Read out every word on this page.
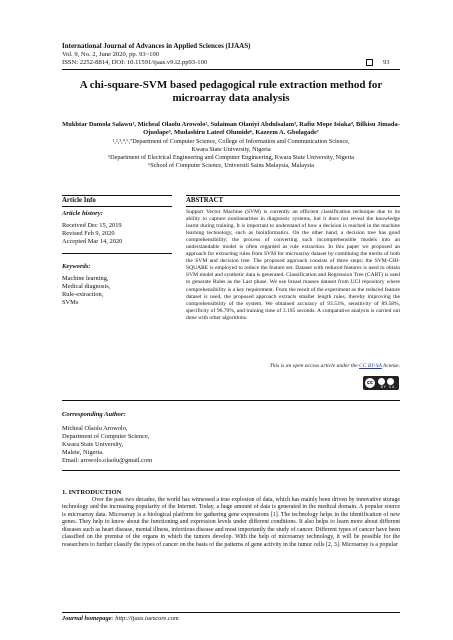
International Journal of Advances in Applied Sciences (IJAAS)
Vol. 9, No. 2, June 2020, pp. 93~100
ISSN: 2252-8814, DOI: 10.11591/ijaas.v9.i2.pp93-100	93
A chi-square-SVM based pedagogical rule extraction method for microarray data analysis
Mukhtar Damola Salawu¹, Micheal Olaolu Arowolo², Sulaiman Olaniyi Abdulsalam³, Rafiu Mope Isiaka⁴, Bilkisu Jimada-Ojuolape⁵, Mudashiru Lateef Olumide⁶, Kazeem A. Gbolagade⁷
¹,²,³,⁴,⁶,⁷Department of Computer Science, College of Information and Communication Science,
Kwara State University, Nigeria
⁵Department of Electrical Engineering and Computer Engineering, Kwara State University, Nigeria
⁶School of Computer Science, Universiti Sains Malaysia, Malaysia
Article Info
Article history:
Received Dec 15, 2019
Revised Feb 9, 2020
Accepted Mar 14, 2020
Keywords:
Machine learning,
Medical diagnosis,
Rule-extraction,
SVMs
ABSTRACT
Support Vector Machine (SVM) is currently an efficient classification technique due to its ability to capture nonlinearities in diagnostic systems, but it does not reveal the knowledge learnt during training. It is important to understand of how a decision is reached in the machine learning technology, such as bioinformatics. On the other hand, a decision tree has good comprehensibility; the process of converting such incomprehensible models into an understandable model is often regarded as rule extraction. In this paper we proposed an approach for extracting rules from SVM for microarray dataset by combining the merits of both the SVM and decision tree. The proposed approach consists of three steps; the SVM-CHI-SQUARE is employed to reduce the feature set. Dataset with reduced features is used to obtain SVM model and synthetic data is generated. Classification and Regression Tree (CART) is used to generate Rules as the Last phase. We use breast masses dataset from UCI repository where comprehensibility is a key requirement. From the result of the experiment as the reduced feature dataset is used, the proposed approach extracts smaller length rules, thereby improving the comprehensibility of the system. We obtained accuracy of 93.53%, sensitivity of 89.58%, specificity of 96.70%, and training time of 3.195 seconds. A comparative analysis is carried out done with other algorithms.
This is an open access article under the CC BY-SA license.
cc
BY SA
Corresponding Author:
Micheal Olaolu Arowolo,
Department of Computer Science,
Kwara State University,
Malete, Nigeria.
Email: arowolo.olaolu@gmail.com
1. INTRODUCTION

Over the past two decades, the world has witnessed a true explosion of data, which has mainly been driven by innovative storage technology and the increasing popularity of the Internet. Today, a huge amount of data is generated in the medical domain. A popular source is microarray data. Microarray is a biological platform for gathering gene expressions [1]. The technology helps in the identification of new genes. They help to know about the functioning and expression levels under different conditions. It also helps to learn more about different diseases such as heart disease, mental illness, infectious disease and most importantly the study of cancer. Different types of cancer have been classified on the premise of the organs in which the tumors develop. With the help of microarray technology, it will be possible for the researchers to further classify the types of cancer on the basis of the patterns of gene activity in the tumor cells [2, 3]. Microarray is a popular

Journal homepage: http://ijaas.iaescore.com
